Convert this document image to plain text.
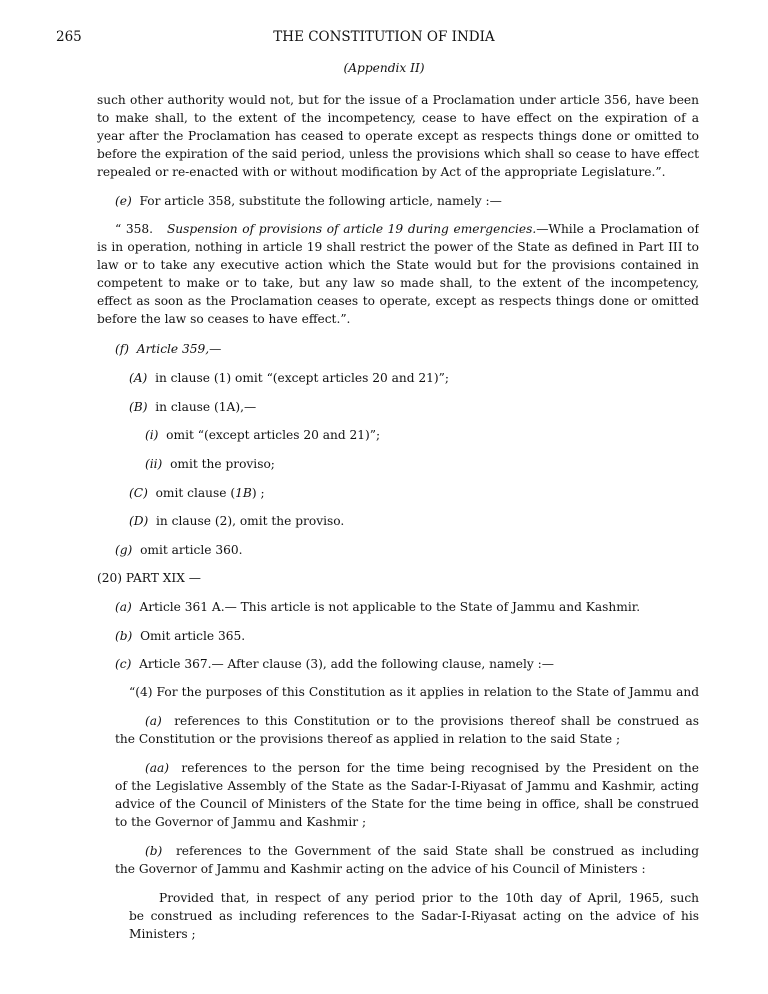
265	THE CONSTITUTION OF INDIA
(Appendix II)

such other authority would not, but for the issue of a Proclamation under article 356, have been

to make shall, to the extent of the incompetency, cease to have effect on the expiration of a

year after the Proclamation has ceased to operate except as respects things done or omitted to

before the expiration of the said period, unless the provisions which shall so cease to have effect

repealed or re-enacted with or without modification by Act of the appropriate Legislature.”.

(e) For article 358, substitute the following article, namely :—
“ 358. Suspension of provisions of article 19 during emergencies.—While a Proclamation of

is in operation, nothing in article 19 shall restrict the power of the State as defined in Part III to

law or to take any executive action which the State would but for the provisions contained in

competent to make or to take, but any law so made shall, to the extent of the incompetency,

effect as soon as the Proclamation ceases to operate, except as respects things done or omitted

before the law so ceases to have effect.”.

(f) Article 359,—
(A) in clause (1) omit “(except articles 20 and 21)”;
(B) in clause (1A),—
(i) omit “(except articles 20 and 21)”;
(ii) omit the proviso;
(C) omit clause (1B) ;
(D) in clause (2), omit the proviso.
(g) omit article 360.
(20) PART XIX —
(a) Article 361 A.— This article is not applicable to the State of Jammu and Kashmir.
(b) Omit article 365.
(c) Article 367.— After clause (3), add the following clause, namely :—

“(4) For the purposes of this Constitution as it applies in relation to the State of Jammu and

(a) references to this Constitution or to the provisions thereof shall be construed as

the Constitution or the provisions thereof as applied in relation to the said State ;

(aa) references to the person for the time being recognised by the President on the

of the Legislative Assembly of the State as the Sadar-I-Riyasat of Jammu and Kashmir, acting

advice of the Council of Ministers of the State for the time being in office, shall be construed

to the Governor of Jammu and Kashmir ;

(b) references to the Government of the said State shall be construed as including

the Governor of Jammu and Kashmir acting on the advice of his Council of Ministers :

Provided that, in respect of any period prior to the 10th day of April, 1965, such

be construed as including references to the Sadar-I-Riyasat acting on the advice of his

Ministers ;
